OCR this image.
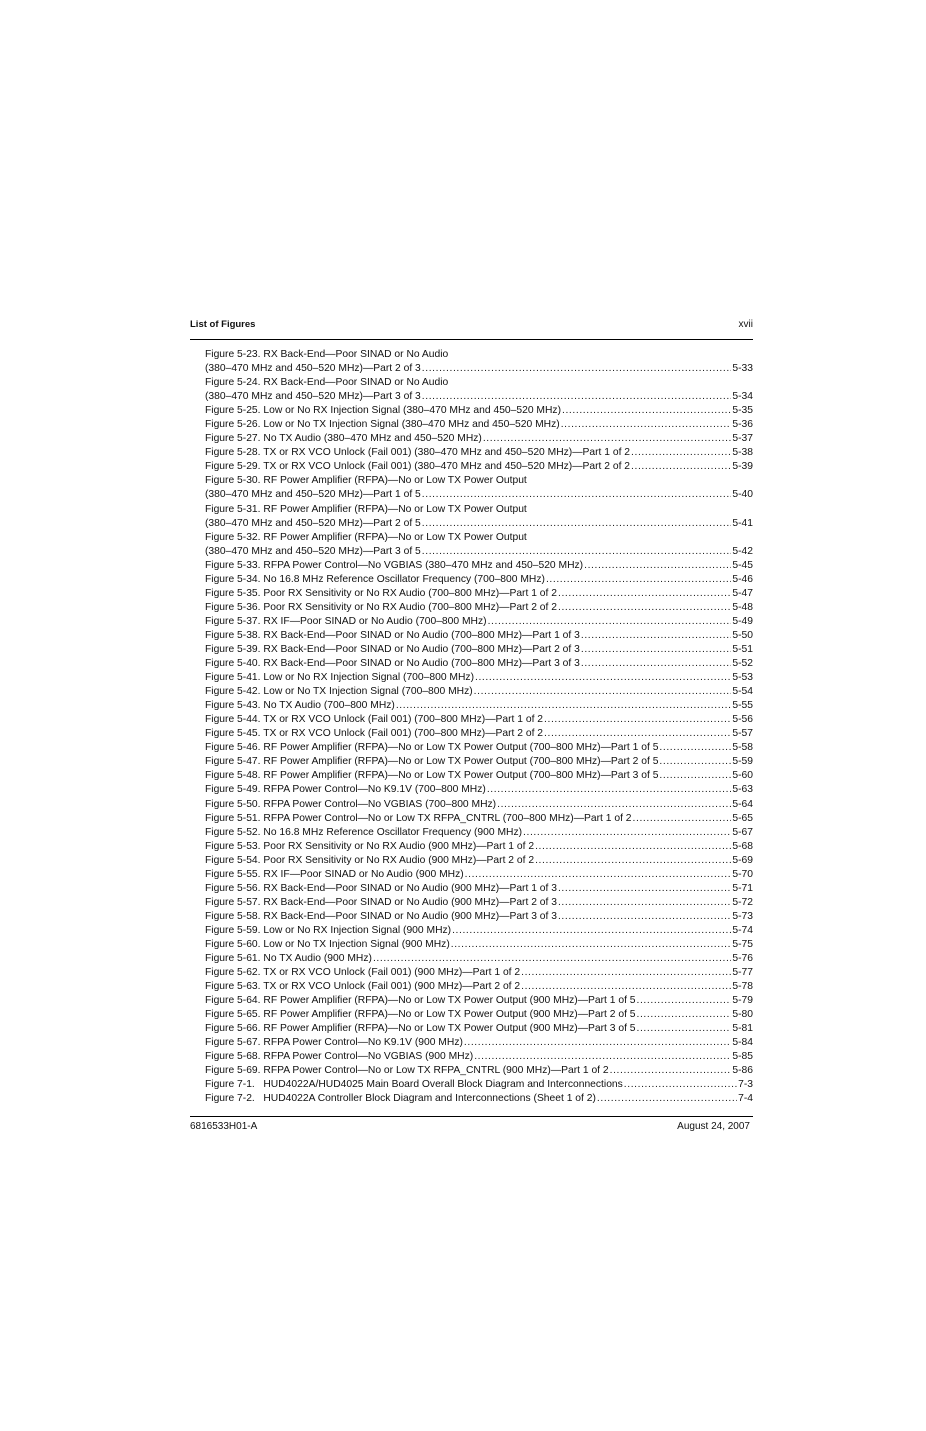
List of Figures	xvii
Figure 5-23. RX Back-End—Poor SINAD or No Audio
(380–470 MHz and 450–520 MHz)—Part 2 of 3 .....	5-33
Figure 5-24. RX Back-End—Poor SINAD or No Audio
(380–470 MHz and 450–520 MHz)—Part 3 of 3 .....	5-34
Figure 5-25. Low or No RX Injection Signal (380–470 MHz and 450–520 MHz) .....	5-35
Figure 5-26. Low or No TX Injection Signal (380–470 MHz and 450–520 MHz) .....	5-36
Figure 5-27. No TX Audio (380–470 MHz and 450–520 MHz) .....	5-37
Figure 5-28. TX or RX VCO Unlock (Fail 001) (380–470 MHz and 450–520 MHz)—Part 1 of 2 .....	5-38
Figure 5-29. TX or RX VCO Unlock (Fail 001) (380–470 MHz and 450–520 MHz)—Part 2 of 2 .....	5-39
Figure 5-30. RF Power Amplifier (RFPA)—No or Low TX Power Output
(380–470 MHz and 450–520 MHz)—Part 1 of 5 .....	5-40
Figure 5-31. RF Power Amplifier (RFPA)—No or Low TX Power Output
(380–470 MHz and 450–520 MHz)—Part 2 of 5 .....	5-41
Figure 5-32. RF Power Amplifier (RFPA)—No or Low TX Power Output
(380–470 MHz and 450–520 MHz)—Part 3 of 5 .....	5-42
Figure 5-33. RFPA Power Control—No VGBIAS (380–470 MHz and 450–520 MHz) .....	5-45
Figure 5-34. No 16.8 MHz Reference Oscillator Frequency (700–800 MHz) .....	5-46
Figure 5-35. Poor RX Sensitivity or No RX Audio (700–800 MHz)—Part 1 of 2 .....	5-47
Figure 5-36. Poor RX Sensitivity or No RX Audio (700–800 MHz)—Part 2 of 2 .....	5-48
Figure 5-37. RX IF—Poor SINAD or No Audio (700–800 MHz) .....	5-49
Figure 5-38. RX Back-End—Poor SINAD or No Audio (700–800 MHz)—Part 1 of 3 .....	5-50
Figure 5-39. RX Back-End—Poor SINAD or No Audio (700–800 MHz)—Part 2 of 3 .....	5-51
Figure 5-40. RX Back-End—Poor SINAD or No Audio (700–800 MHz)—Part 3 of 3 .....	5-52
Figure 5-41. Low or No RX Injection Signal (700–800 MHz) .....	5-53
Figure 5-42. Low or No TX Injection Signal (700–800 MHz) .....	5-54
Figure 5-43. No TX Audio (700–800 MHz) .....	5-55
Figure 5-44. TX or RX VCO Unlock (Fail 001) (700–800 MHz)—Part 1 of 2 .....	5-56
Figure 5-45. TX or RX VCO Unlock (Fail 001) (700–800 MHz)—Part 2 of 2 .....	5-57
Figure 5-46. RF Power Amplifier (RFPA)—No or Low TX Power Output (700–800 MHz)—Part 1 of 5 .....	5-58
Figure 5-47. RF Power Amplifier (RFPA)—No or Low TX Power Output (700–800 MHz)—Part 2 of 5 .....	5-59
Figure 5-48. RF Power Amplifier (RFPA)—No or Low TX Power Output (700–800 MHz)—Part 3 of 5 .....	5-60
Figure 5-49. RFPA Power Control—No K9.1V (700–800 MHz) .....	5-63
Figure 5-50. RFPA Power Control—No VGBIAS (700–800 MHz) .....	5-64
Figure 5-51. RFPA Power Control—No or Low TX RFPA_CNTRL (700–800 MHz)—Part 1 of 2 .....	5-65
Figure 5-52. No 16.8 MHz Reference Oscillator Frequency (900 MHz) .....	5-67
Figure 5-53. Poor RX Sensitivity or No RX Audio (900 MHz)—Part 1 of 2 .....	5-68
Figure 5-54. Poor RX Sensitivity or No RX Audio (900 MHz)—Part 2 of 2 .....	5-69
Figure 5-55. RX IF—Poor SINAD or No Audio (900 MHz) .....	5-70
Figure 5-56. RX Back-End—Poor SINAD or No Audio (900 MHz)—Part 1 of 3 .....	5-71
Figure 5-57. RX Back-End—Poor SINAD or No Audio (900 MHz)—Part 2 of 3 .....	5-72
Figure 5-58. RX Back-End—Poor SINAD or No Audio (900 MHz)—Part 3 of 3 .....	5-73
Figure 5-59. Low or No RX Injection Signal (900 MHz) .....	5-74
Figure 5-60. Low or No TX Injection Signal (900 MHz) .....	5-75
Figure 5-61. No TX Audio (900 MHz) .....	5-76
Figure 5-62. TX or RX VCO Unlock (Fail 001) (900 MHz)—Part 1 of 2 .....	5-77
Figure 5-63. TX or RX VCO Unlock (Fail 001) (900 MHz)—Part 2 of 2 .....	5-78
Figure 5-64. RF Power Amplifier (RFPA)—No or Low TX Power Output (900 MHz)—Part 1 of 5 .....	5-79
Figure 5-65. RF Power Amplifier (RFPA)—No or Low TX Power Output (900 MHz)—Part 2 of 5 .....	5-80
Figure 5-66. RF Power Amplifier (RFPA)—No or Low TX Power Output (900 MHz)—Part 3 of 5 .....	5-81
Figure 5-67. RFPA Power Control—No K9.1V (900 MHz) .....	5-84
Figure 5-68. RFPA Power Control—No VGBIAS (900 MHz) .....	5-85
Figure 5-69. RFPA Power Control—No or Low TX RFPA_CNTRL (900 MHz)—Part 1 of 2 .....	5-86
Figure 7-1.   HUD4022A/HUD4025 Main Board Overall Block Diagram and Interconnections .....	7-3
Figure 7-2.   HUD4022A Controller Block Diagram and Interconnections (Sheet 1 of 2) .....	7-4
6816533H01-A	August 24, 2007
